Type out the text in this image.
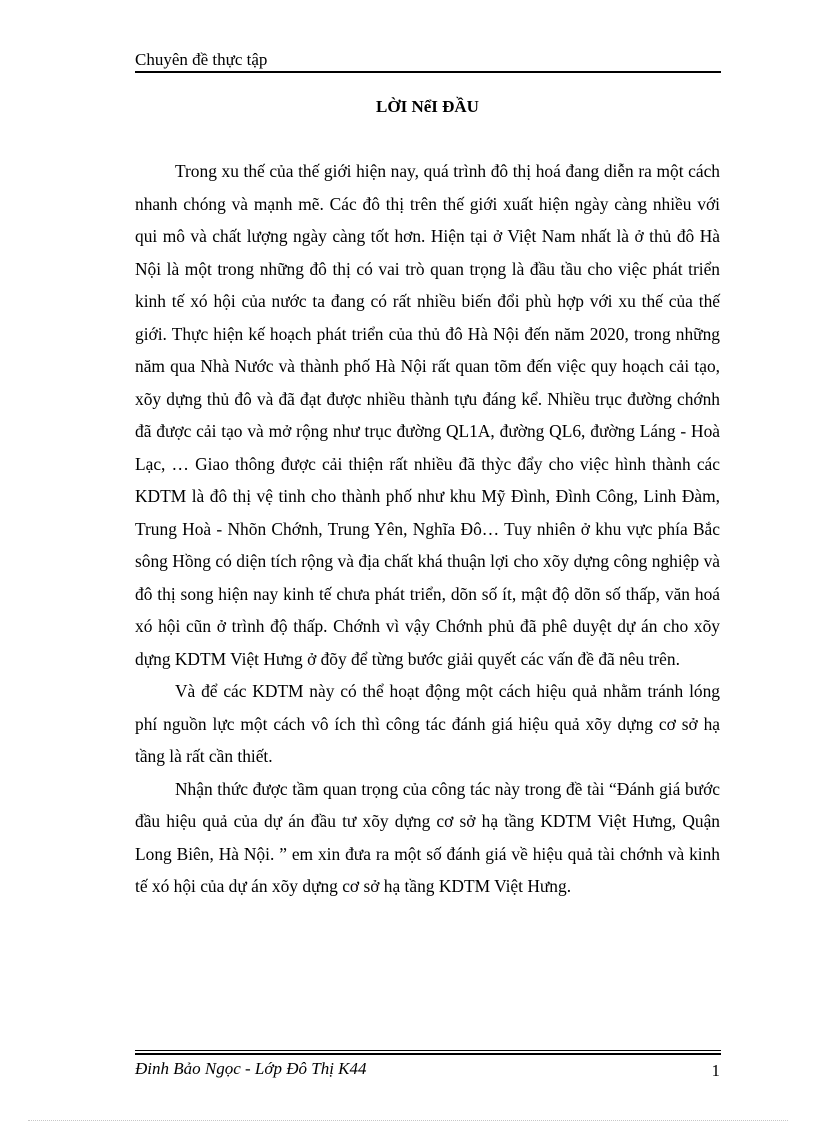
Chuyên đề thực tập
LỜI NểI ĐẦU

Trong xu thế của thế giới hiện nay, quá trình đô thị hoá đang diễn ra một cách nhanh chóng và mạnh mẽ. Các đô thị trên thế giới xuất hiện ngày càng nhiều với qui mô và chất lượng ngày càng tốt hơn. Hiện tại ở Việt Nam nhất là ở thủ đô Hà Nội là một trong những đô thị có vai trò quan trọng là đầu tầu cho việc phát triển kinh tế xó hội của nước ta đang có rất nhiều biến đổi phù hợp với xu thế của thế giới. Thực hiện kế hoạch phát triển của thủ đô Hà Nội đến năm 2020, trong những năm qua Nhà Nước và thành phố Hà Nội rất quan tõm đến việc quy hoạch cải tạo, xõy dựng thủ đô và đã đạt được nhiều thành tựu đáng kể. Nhiều trục đường chớnh đã được cải tạo và mở rộng như trục đường QL1A, đường QL6, đường Láng - Hoà Lạc, … Giao thông được cải thiện rất nhiều đã thỳc đẩy cho việc hình thành các KDTM là đô thị vệ tinh cho thành phố như khu Mỹ Đình, Đình Công, Linh Đàm, Trung Hoà - Nhõn Chớnh, Trung Yên, Nghĩa Đô… Tuy nhiên ở khu vực phía Bắc sông Hồng có diện tích rộng và địa chất khá thuận lợi cho xõy dựng công nghiệp và đô thị song hiện nay kinh tế chưa phát triển, dõn số ít, mật độ dõn số thấp, văn hoá xó hội cũn ở trình độ thấp. Chớnh vì vậy Chớnh phủ đã phê duyệt dự án cho xõy dựng KDTM Việt Hưng ở đõy để từng bước giải quyết các vấn đề đã nêu trên.

Và để các KDTM này có thể hoạt động một cách hiệu quả nhằm tránh lóng phí nguồn lực một cách vô ích thì công tác đánh giá hiệu quả xõy dựng cơ sở hạ tầng là rất cần thiết.

Nhận thức được tầm quan trọng của công tác này trong đề tài “Đánh giá bước đầu hiệu quả của dự án đầu tư xõy dựng cơ sở hạ tầng KDTM Việt Hưng, Quận Long Biên, Hà Nội. ” em xin đưa ra một số đánh giá về hiệu quả tài chớnh và kinh tế xó hội của dự án xõy dựng cơ sở hạ tầng KDTM Việt Hưng.

Đinh Bảo Ngọc - Lớp Đô Thị K44	1
